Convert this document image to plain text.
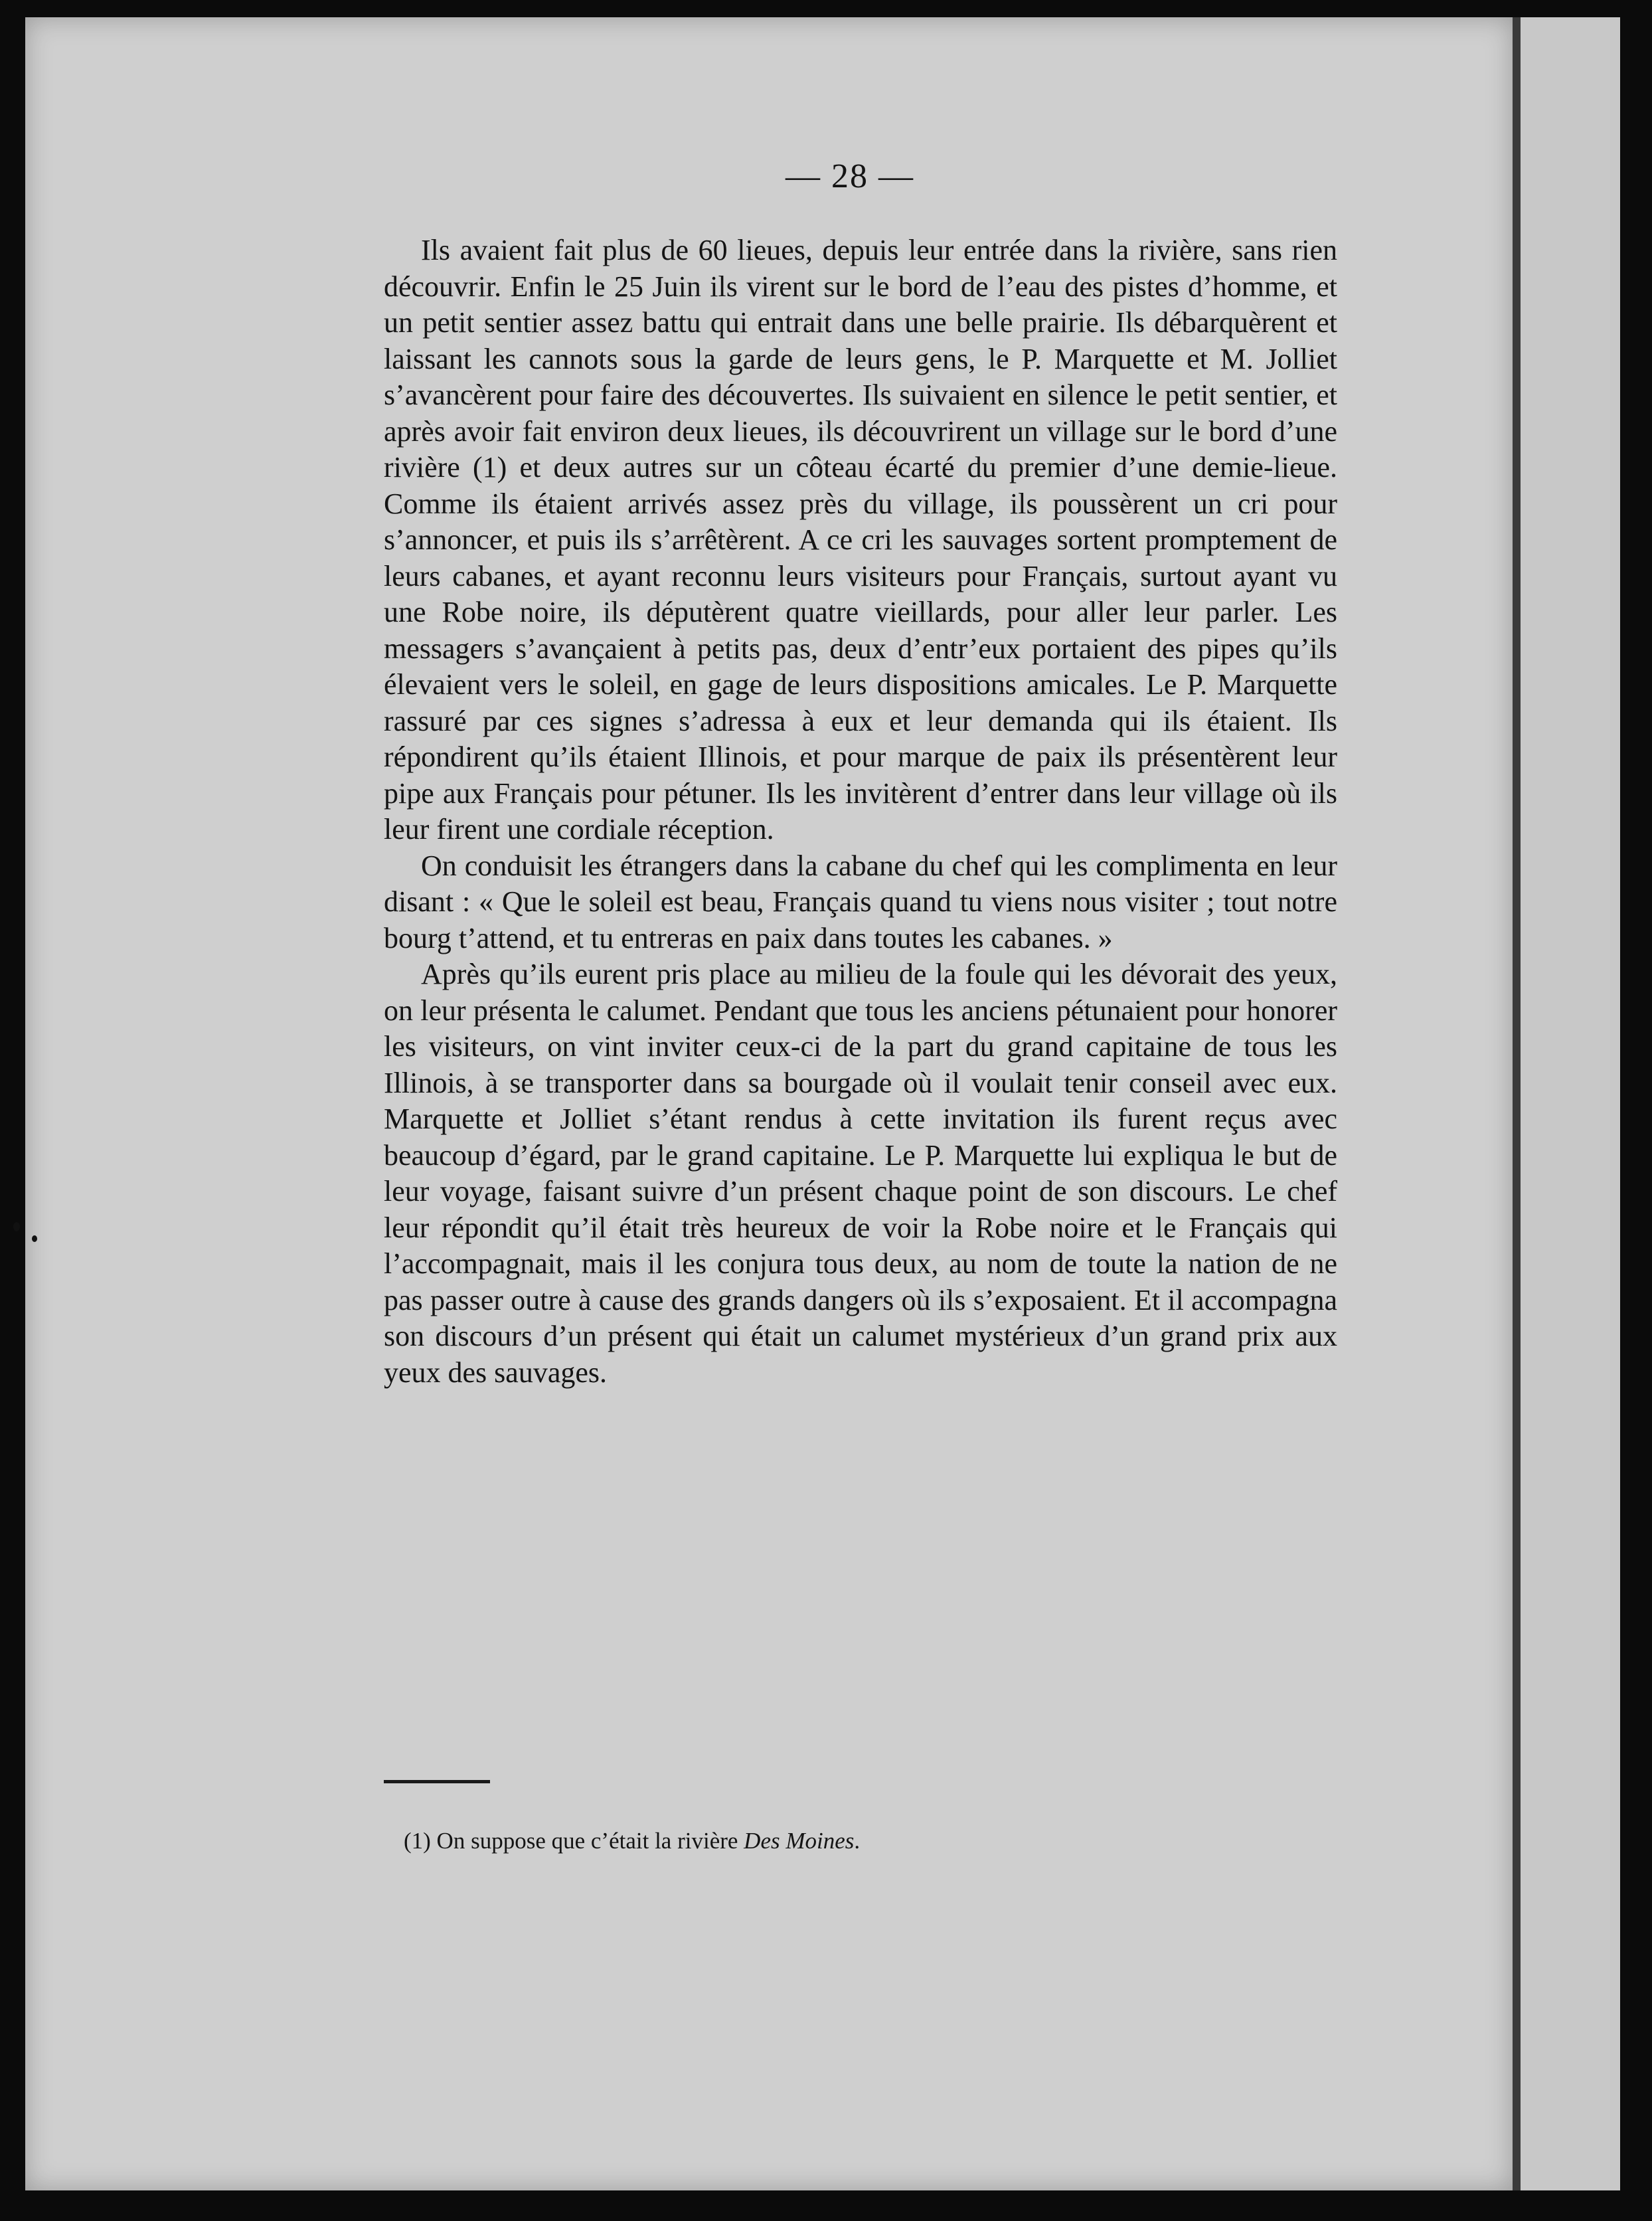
— 28 —

Ils avaient fait plus de 60 lieues, depuis leur entrée dans la rivière, sans rien découvrir. Enfin le 25 Juin ils virent sur le bord de l’eau des pistes d’homme, et un petit sentier assez battu qui entrait dans une belle prairie. Ils débarquèrent et laissant les cannots sous la garde de leurs gens, le P. Marquette et M. Jolliet s’avancèrent pour faire des découvertes. Ils suivaient en silence le petit sentier, et après avoir fait environ deux lieues, ils découvrirent un village sur le bord d’une rivière (1) et deux autres sur un côteau écarté du premier d’une demie-lieue. Comme ils étaient arrivés assez près du village, ils poussèrent un cri pour s’annoncer, et puis ils s’arrêtèrent. A ce cri les sauvages sortent promptement de leurs cabanes, et ayant reconnu leurs visiteurs pour Français, surtout ayant vu une Robe noire, ils députèrent quatre vieillards, pour aller leur parler. Les messagers s’avançaient à petits pas, deux d’entr’eux portaient des pipes qu’ils élevaient vers le soleil, en gage de leurs dispositions amicales. Le P. Marquette rassuré par ces signes s’adressa à eux et leur demanda qui ils étaient. Ils répondirent qu’ils étaient Illinois, et pour marque de paix ils présentèrent leur pipe aux Français pour pétuner. Ils les invitèrent d’entrer dans leur village où ils leur firent une cordiale réception.

On conduisit les étrangers dans la cabane du chef qui les complimenta en leur disant : « Que le soleil est beau, Français quand tu viens nous visiter ; tout notre bourg t’attend, et tu entreras en paix dans toutes les cabanes. »

Après qu’ils eurent pris place au milieu de la foule qui les dévorait des yeux, on leur présenta le calumet. Pendant que tous les anciens pétunaient pour honorer les visiteurs, on vint inviter ceux-ci de la part du grand capitaine de tous les Illinois, à se transporter dans sa bourgade où il voulait tenir conseil avec eux. Marquette et Jolliet s’étant rendus à cette invitation ils furent reçus avec beaucoup d’égard, par le grand capitaine. Le P. Marquette lui expliqua le but de leur voyage, faisant suivre d’un présent chaque point de son discours. Le chef leur répondit qu’il était très heureux de voir la Robe noire et le Français qui l’accompagnait, mais il les conjura tous deux, au nom de toute la nation de ne pas passer outre à cause des grands dangers où ils s’exposaient. Et il accompagna son discours d’un présent qui était un calumet mystérieux d’un grand prix aux yeux des sauvages.

(1) On suppose que c’était la rivière Des Moines.
